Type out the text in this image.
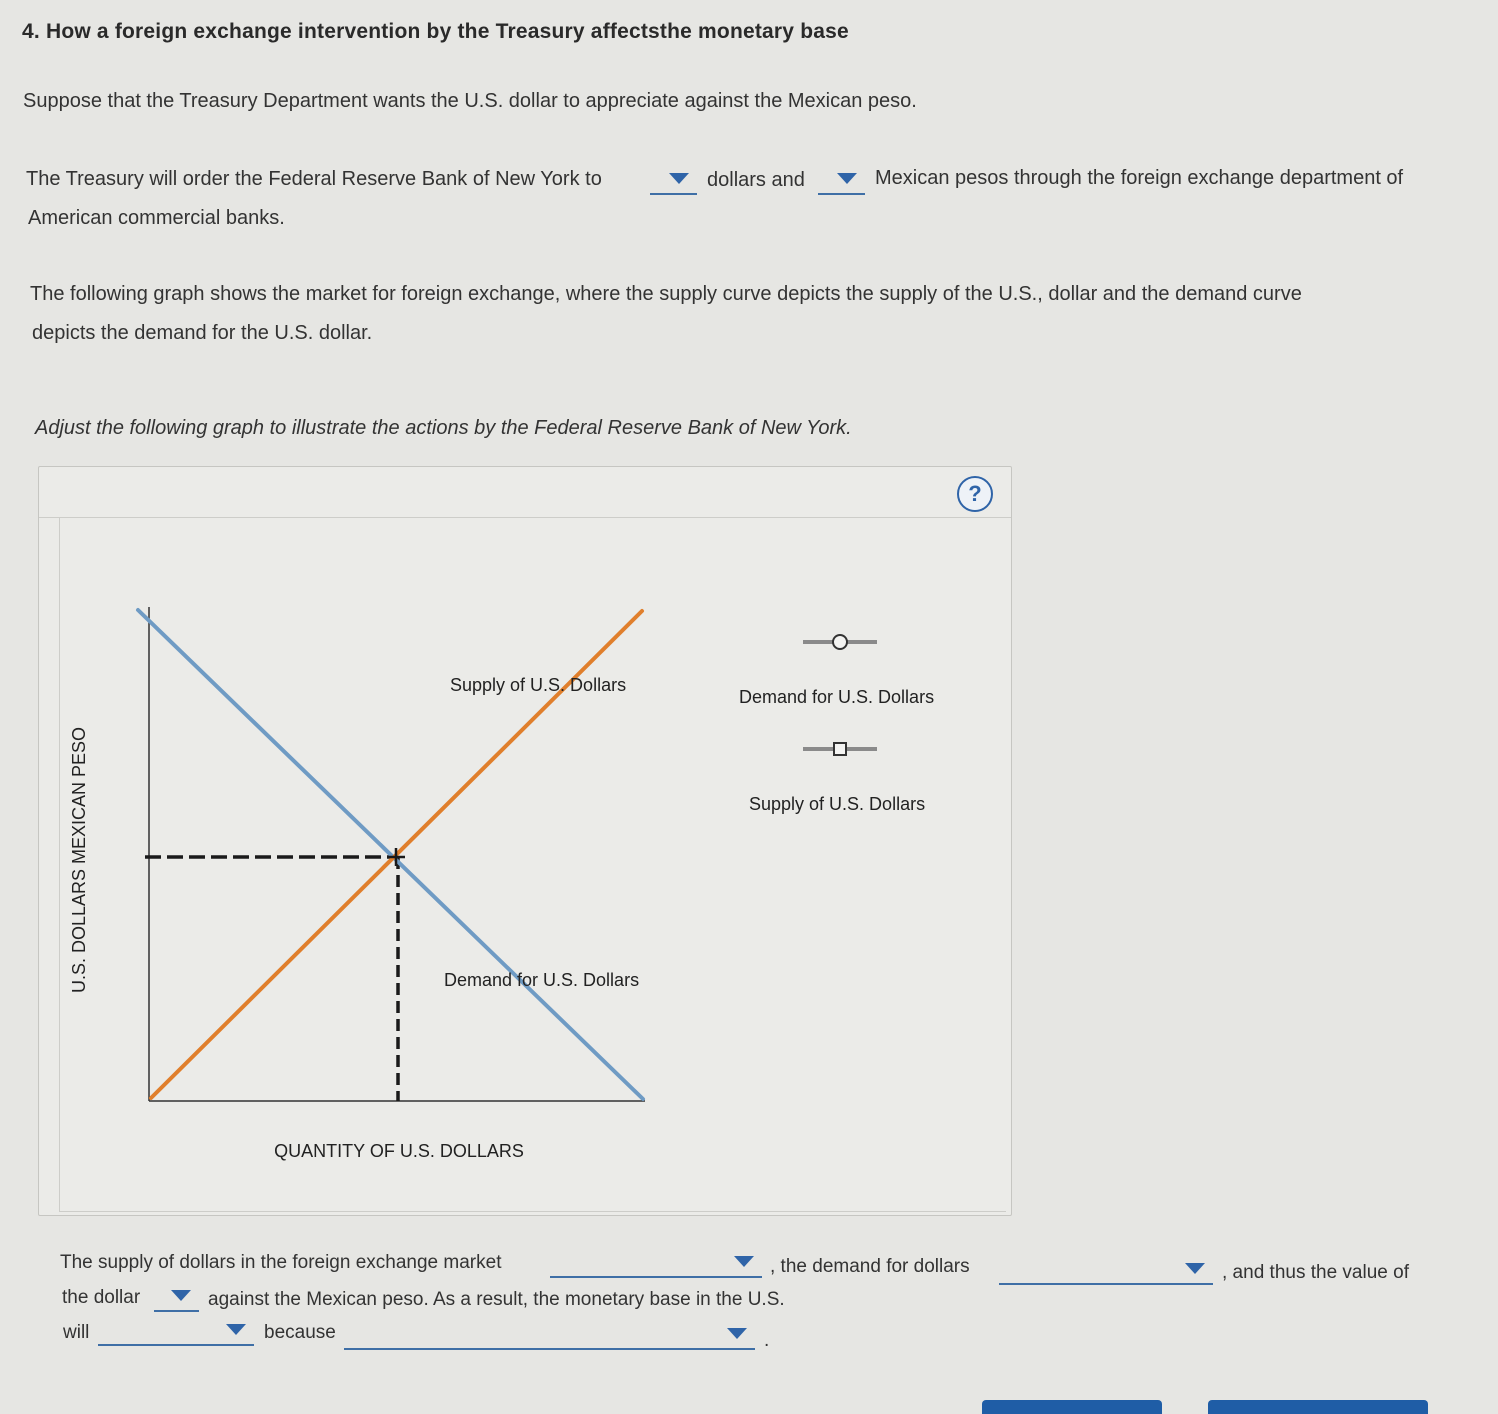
4. How a foreign exchange intervention by the Treasury affectsthe monetary base
Suppose that the Treasury Department wants the U.S. dollar to appreciate against the Mexican peso.
The Treasury will order the Federal Reserve Bank of New York to	dollars and	Mexican pesos through the foreign exchange department of
American commercial banks.
The following graph shows the market for foreign exchange, where the supply curve depicts the supply of the U.S., dollar and the demand curve
depicts the demand for the U.S. dollar.
Adjust the following graph to illustrate the actions by the Federal Reserve Bank of New York.
?
U.S. DOLLARS MEXICAN PESO
QUANTITY OF U.S. DOLLARS
Supply of U.S. Dollars
Demand for U.S. Dollars
Demand for U.S. Dollars
Supply of U.S. Dollars
The supply of dollars in the foreign exchange market	, the demand for dollars	, and thus the value of
the dollar	against the Mexican peso. As a result, the monetary base in the U.S.
will	because	.
